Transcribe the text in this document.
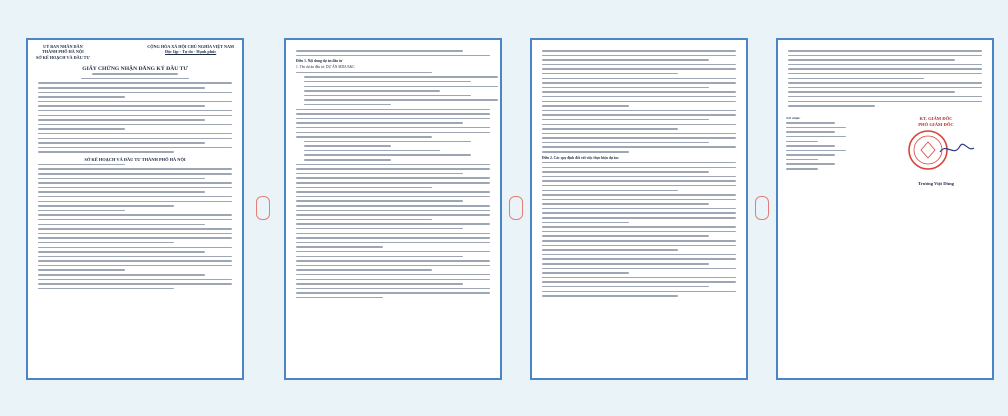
UỶ BAN NHÂN DÂN
THÀNH PHỐ HÀ NỘI
SỞ KẾ HOẠCH VÀ ĐẦU TƯ
CỘNG HÒA XÃ HỘI CHỦ NGHĨA VIỆT NAM
Độc lập - Tự do - Hạnh phúc
GIẤY CHỨNG NHẬN ĐĂNG KÝ ĐẦU TƯ
SỞ KẾ HOẠCH VÀ ĐẦU TƯ THÀNH PHỐ HÀ NỘI
Điều 1. Nội dung dự án đầu tư
1. Tên dự án đầu tư: DỰ ÁN MDA E&C
Điều 2. Các quy định đối với việc thực hiện dự án:
Nơi nhận:	KT. GIÁM ĐỐC
PHÓ GIÁM ĐỐC
Trương Việt Dũng
